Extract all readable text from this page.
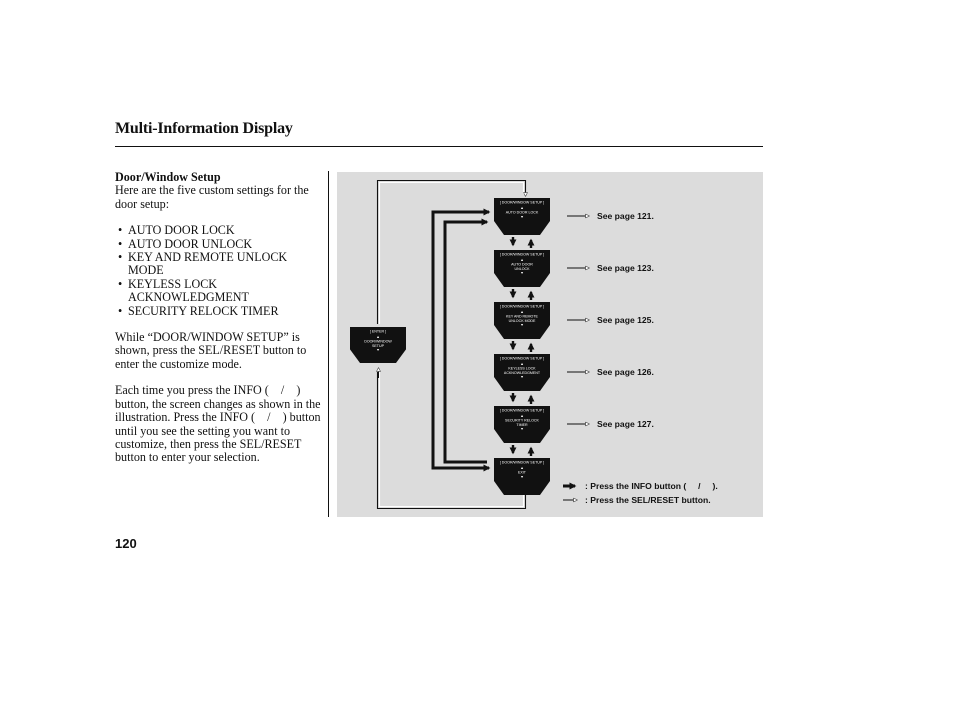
Multi-Information Display

Door/Window Setup

Here are the five custom settings for the door setup:

• AUTO DOOR LOCK
• AUTO DOOR UNLOCK
• KEY AND REMOTE UNLOCK MODE
• KEYLESS LOCK ACKNOWLEDGMENT
• SECURITY RELOCK TIMER

While “DOOR/WINDOW SETUP” is shown, press the SEL/RESET button to enter the customize mode.

Each time you press the INFO (    /    ) button, the screen changes as shown in the illustration. Press the INFO (    /    ) button until you see the setting you want to customize, then press the SEL/RESET button to enter your selection.

[ ENTER ]
▲
DOOR/WINDOW
SETUP
▼
[ DOOR/WINDOW SETUP ]
▲
AUTO DOOR LOCK
▼
[ DOOR/WINDOW SETUP ]
▲
AUTO DOOR
UNLOCK
▼
[ DOOR/WINDOW SETUP ]
▲
KEY AND REMOTE
UNLOCK MODE
▼
[ DOOR/WINDOW SETUP ]
▲
KEYLESS LOCK
ACKNOWLEDGMENT
▼
[ DOOR/WINDOW SETUP ]
▲
SECURITY RELOCK
TIMER
▼
[ DOOR/WINDOW SETUP ]
▲
EXIT
▼
See page 121.
See page 123.
See page 125.
See page 126.
See page 127.
: Press the INFO button (     /     ).
: Press the SEL/RESET button.
120
